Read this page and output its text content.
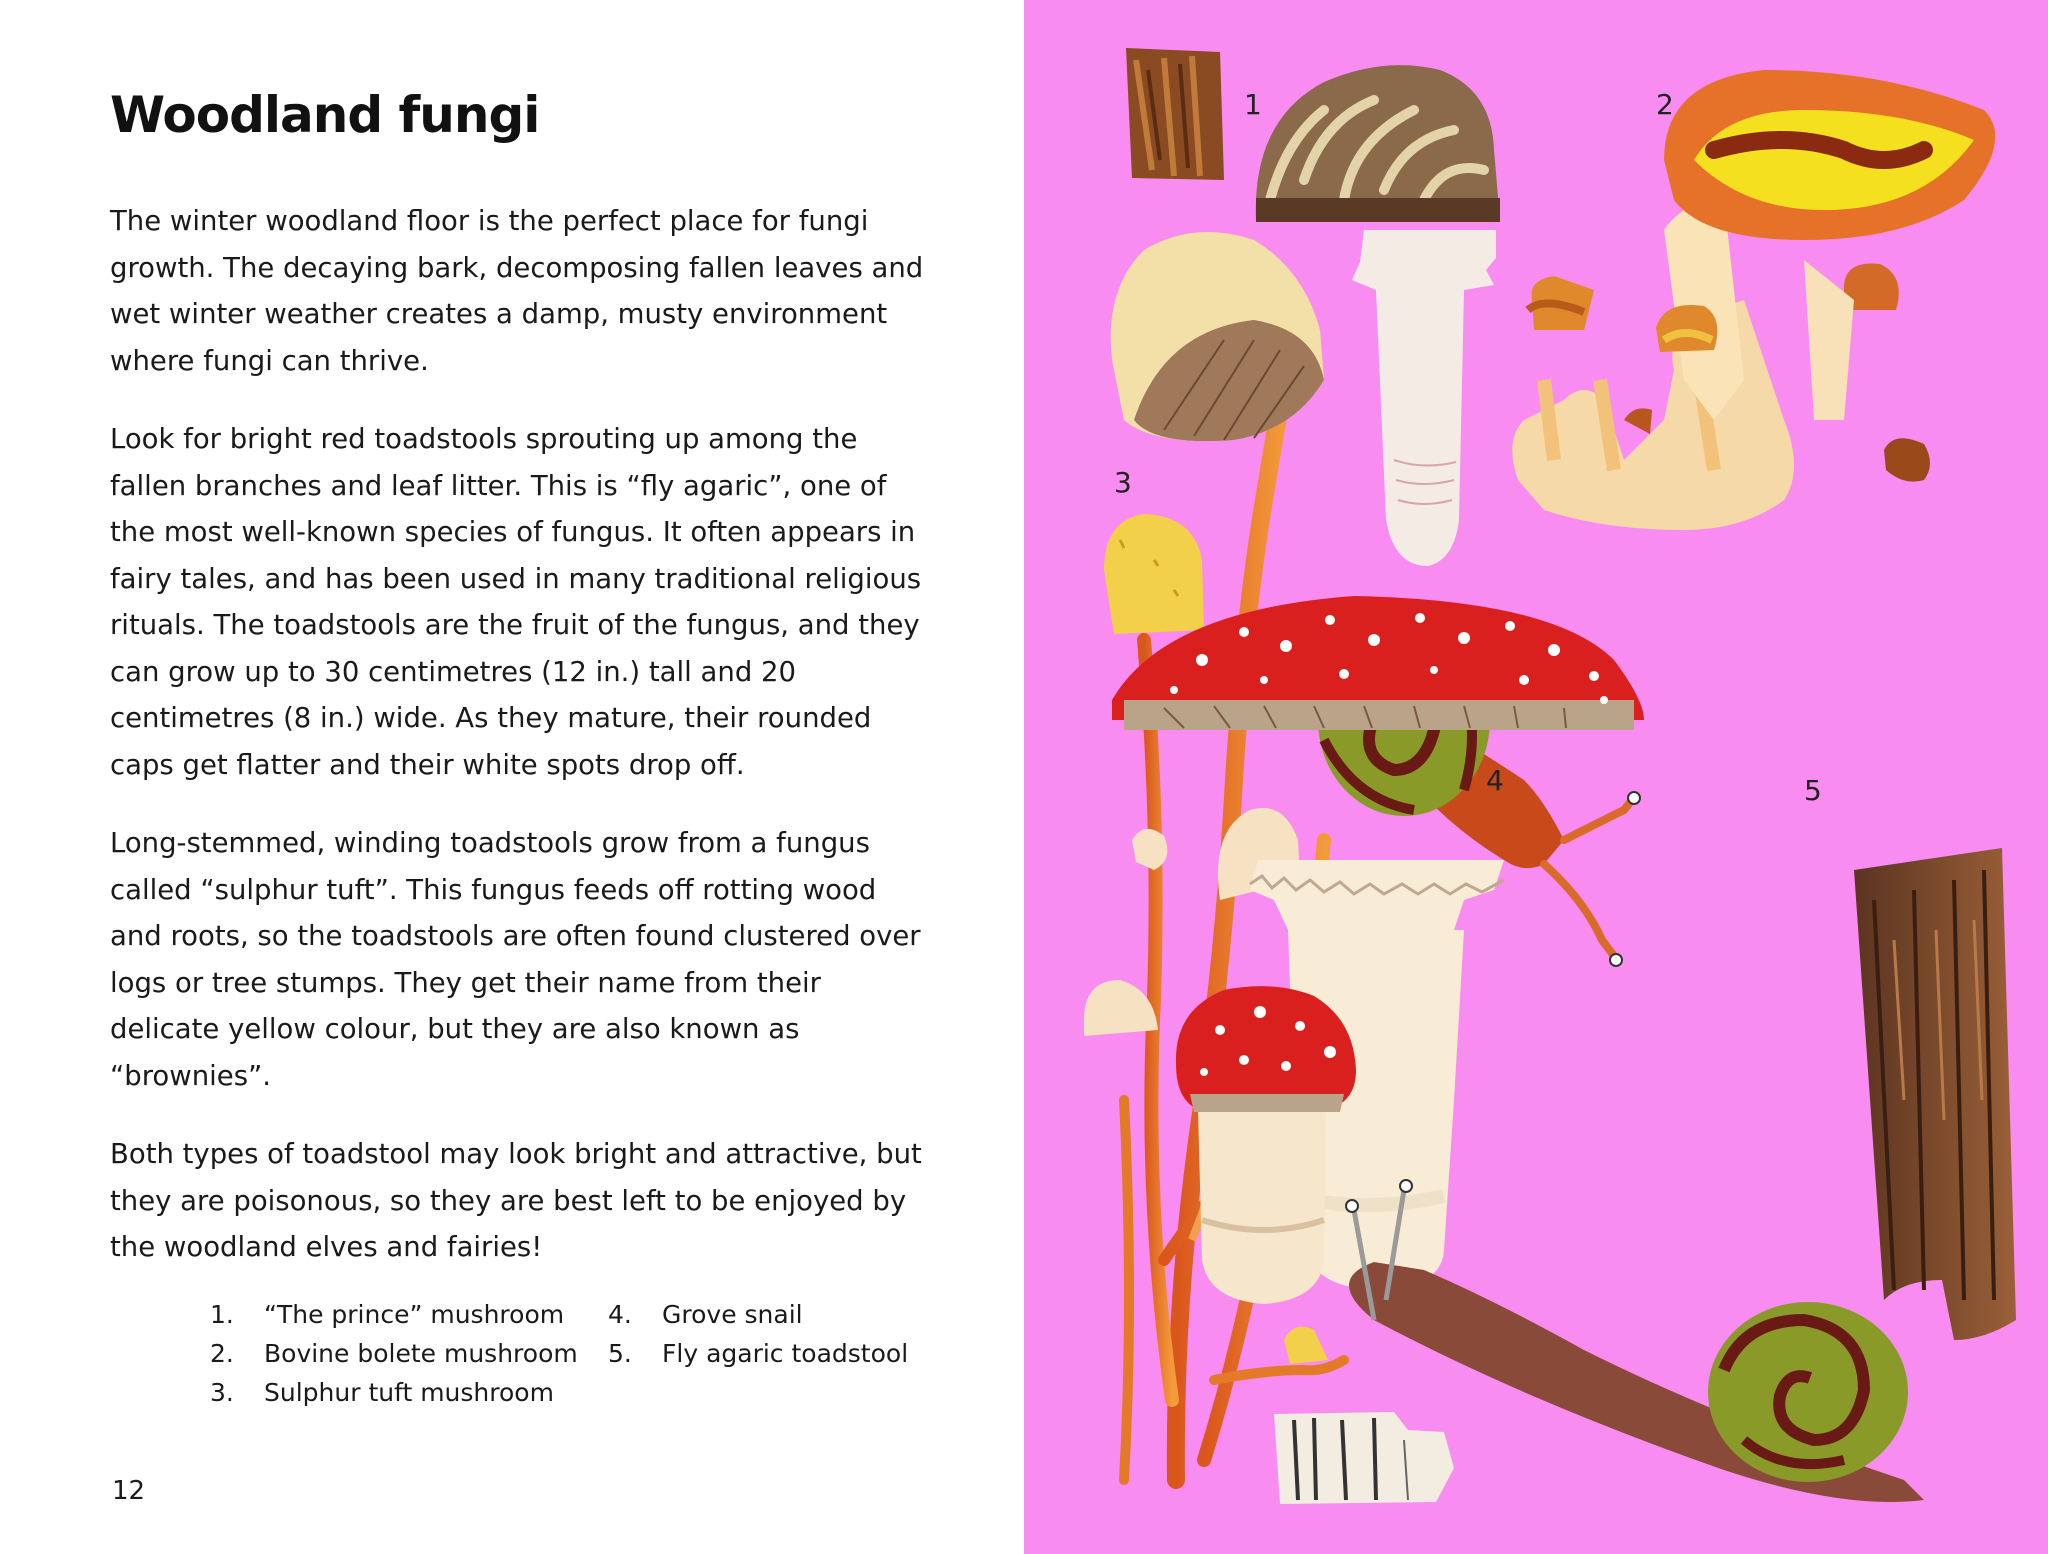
Woodland fungi

The winter woodland floor is the perfect place for fungi growth. The decaying bark, decomposing fallen leaves and wet winter weather creates a damp, musty environment where fungi can thrive.

Look for bright red toadstools sprouting up among the fallen branches and leaf litter. This is “fly agaric”, one of the most well-known species of fungus. It often appears in fairy tales, and has been used in many traditional religious rituals. The toadstools are the fruit of the fungus, and they can grow up to 30 centimetres (12 in.) tall and 20 centimetres (8 in.) wide. As they mature, their rounded caps get flatter and their white spots drop off.

Long-stemmed, winding toadstools grow from a fungus called “sulphur tuft”. This fungus feeds off rotting wood and roots, so the toadstools are often found clustered over logs or tree stumps. They get their name from their delicate yellow colour, but they are also known as “brownies”.

Both types of toadstool may look bright and attractive, but they are poisonous, so they are best left to be enjoyed by the woodland elves and fairies!

1. “The prince” mushroom
2. Bovine bolete mushroom
3. Sulphur tuft mushroom
4. Grove snail
5. Fly agaric toadstool
12
1	2
3
4	5
